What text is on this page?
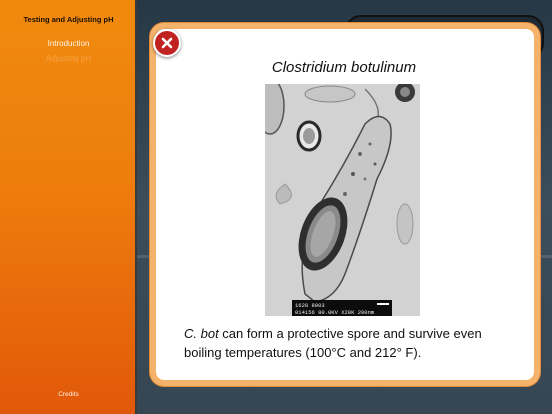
Testing and Adjusting pH
Introduction
Adjusting pH
Credits
Clostridium botulinum
1628 8003
014156 80.0KV X28K 200nm
C. bot can form a protective spore and survive even boiling temperatures (100°C and 212° F).
